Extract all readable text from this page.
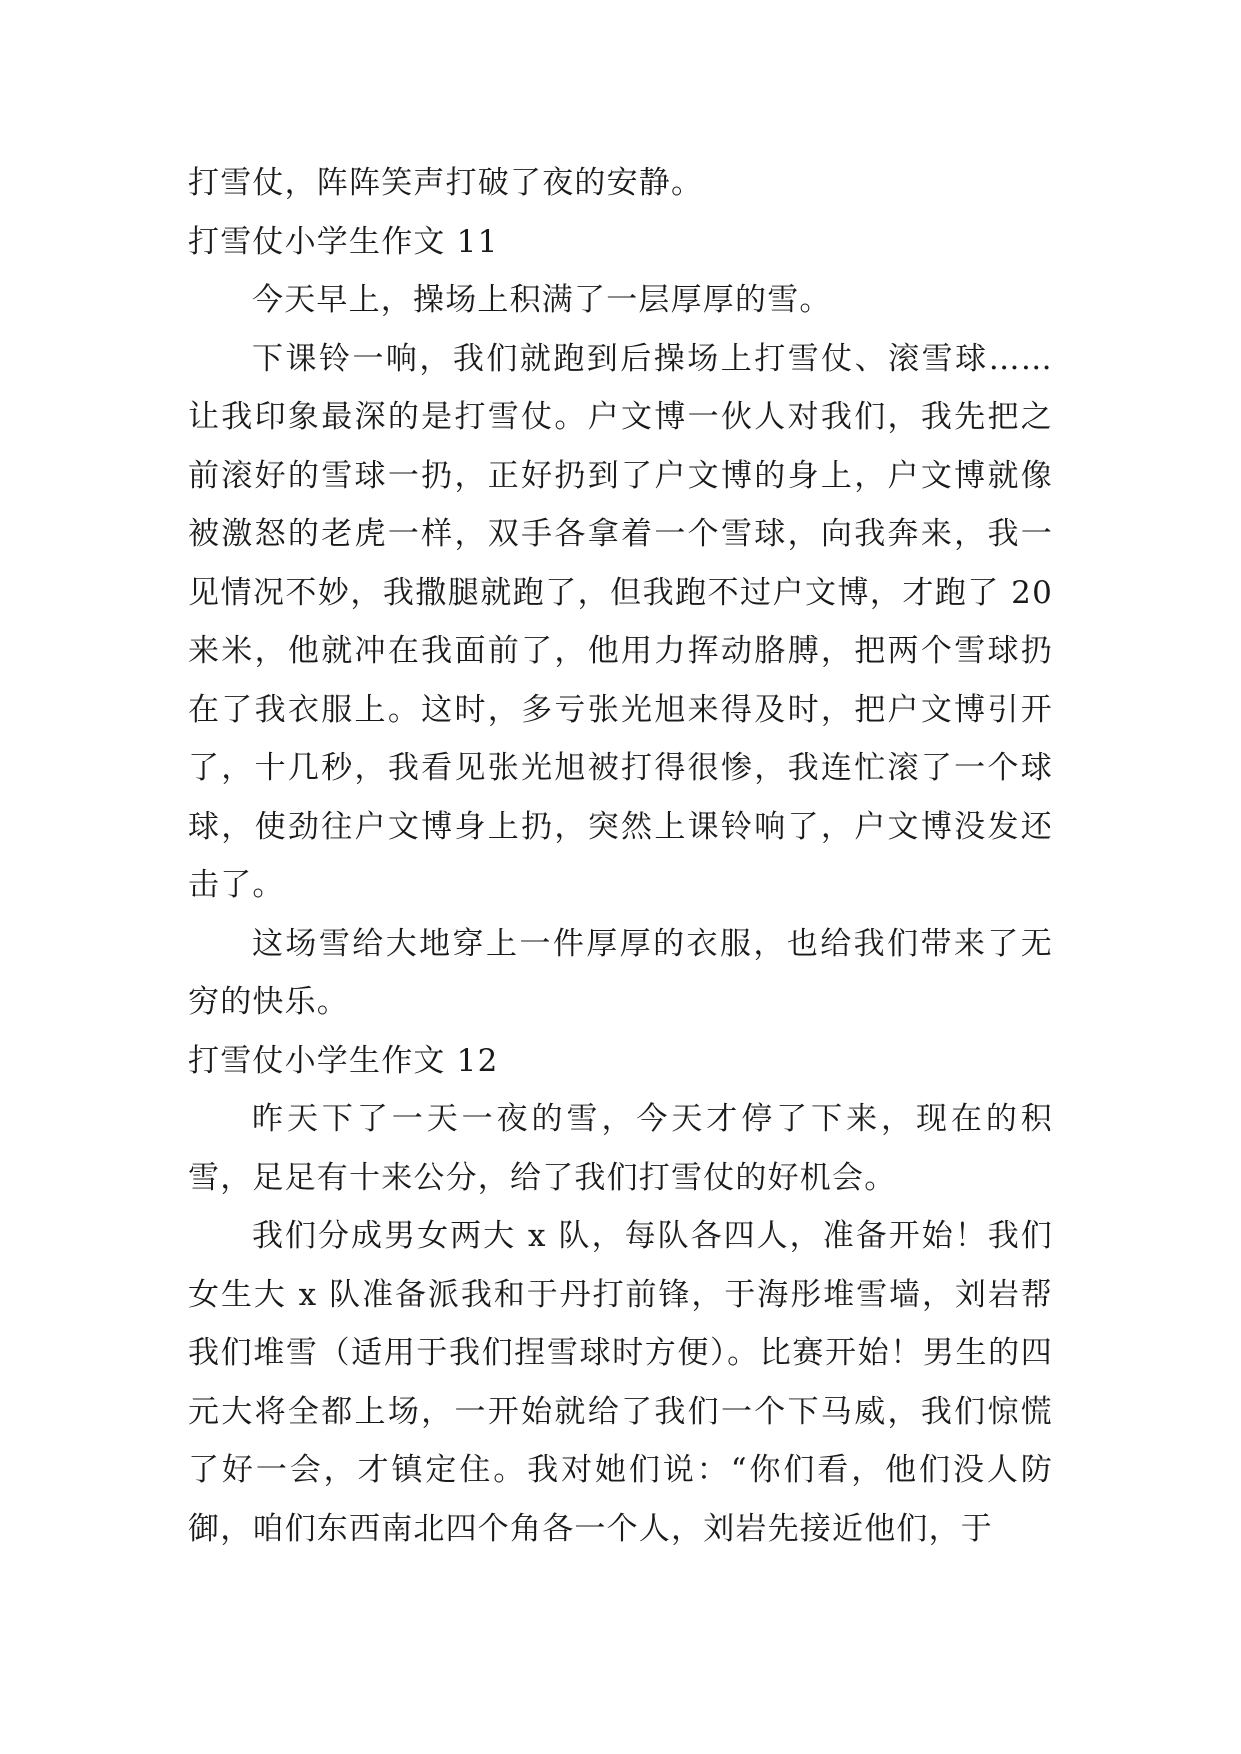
打雪仗，阵阵笑声打破了夜的安静。

打雪仗小学生作文 11

今天早上，操场上积满了一层厚厚的雪。

下课铃一响，我们就跑到后操场上打雪仗、滚雪球……让我印象最深的是打雪仗。户文博一伙人对我们，我先把之前滚好的雪球一扔，正好扔到了户文博的身上，户文博就像被激怒的老虎一样，双手各拿着一个雪球，向我奔来，我一见情况不妙，我撒腿就跑了，但我跑不过户文博，才跑了 20 来米，他就冲在我面前了，他用力挥动胳膊，把两个雪球扔在了我衣服上。这时，多亏张光旭来得及时，把户文博引开了，十几秒，我看见张光旭被打得很惨，我连忙滚了一个球球，使劲往户文博身上扔，突然上课铃响了，户文博没发还击了。

这场雪给大地穿上一件厚厚的衣服，也给我们带来了无穷的快乐。

打雪仗小学生作文 12

昨天下了一天一夜的雪，今天才停了下来，现在的积雪，足足有十来公分，给了我们打雪仗的好机会。

我们分成男女两大 x 队，每队各四人，准备开始！我们女生大 x 队准备派我和于丹打前锋，于海彤堆雪墙，刘岩帮我们堆雪（适用于我们捏雪球时方便）。比赛开始！男生的四元大将全都上场，一开始就给了我们一个下马威，我们惊慌了好一会，才镇定住。我对她们说：“你们看，他们没人防御，咱们东西南北四个角各一个人，刘岩先接近他们，于
